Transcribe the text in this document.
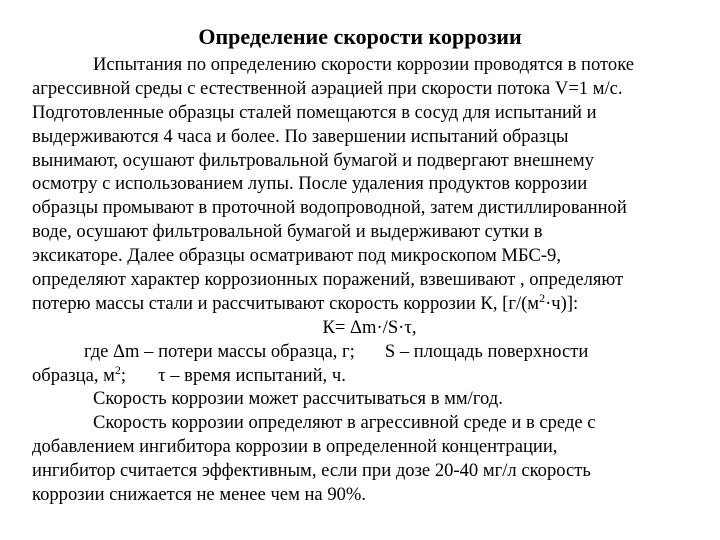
Определение скорости коррозии
Испытания по определению скорости коррозии проводятся в потоке
агрессивной среды с естественной аэрацией при скорости потока V=1 м/с.
Подготовленные образцы сталей помещаются в сосуд для испытаний и
выдерживаются 4 часа и более. По завершении испытаний образцы
вынимают, осушают фильтровальной бумагой и подвергают внешнему
осмотру с использованием лупы. После удаления продуктов коррозии
образцы промывают в проточной водопроводной, затем дистиллированной
воде, осушают фильтровальной бумагой и выдерживают сутки в
эксикаторе. Далее образцы осматривают под микроскопом МБС-9,
определяют характер коррозионных поражений, взвешивают , определяют
потерю массы стали и рассчитывают скорость коррозии К, $[г/(м^2\cdot ч)]$:
К= Δm·/S·τ,
где Δm – потери массы образца, г; S – площадь поверхности
образца, $м^2$; τ – время испытаний, ч.
Скорость коррозии может рассчитываться в мм/год.
Скорость коррозии определяют в агрессивной среде и в среде с
добавлением ингибитора коррозии в определенной концентрации,
ингибитор считается эффективным, если при дозе 20-40 мг/л скорость
коррозии снижается не менее чем на 90%.
